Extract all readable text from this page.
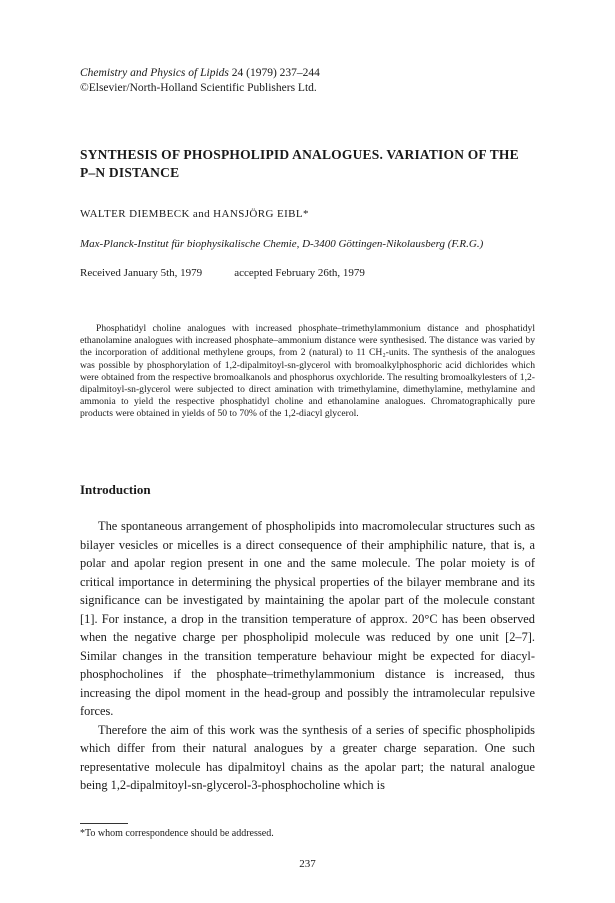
Chemistry and Physics of Lipids 24 (1979) 237–244
©Elsevier/North-Holland Scientific Publishers Ltd.
SYNTHESIS OF PHOSPHOLIPID ANALOGUES. VARIATION OF THE P–N DISTANCE
WALTER DIEMBECK and HANSJÖRG EIBL*
Max-Planck-Institut für biophysikalische Chemie, D-3400 Göttingen-Nikolausberg (F.R.G.)
Received January 5th, 1979	accepted February 26th, 1979

Phosphatidyl choline analogues with increased phosphate–trimethylammonium distance and phosphatidyl ethanolamine analogues with increased phosphate–ammonium distance were synthesised. The distance was varied by the incorporation of additional methylene groups, from 2 (natural) to 11 CH₂-units. The synthesis of the analogues was possible by phosphorylation of 1,2-dipalmitoyl-sn-glycerol with bromoalkylphosphoric acid dichlorides which were obtained from the respective bromoalkanols and phosphorus oxychloride. The resulting bromoalkylesters of 1,2-dipalmitoyl-sn-glycerol were subjected to direct amination with trimethylamine, dimethylamine, methylamine and ammonia to yield the respective phosphatidyl choline and ethanolamine analogues. Chromatographically pure products were obtained in yields of 50 to 70% of the 1,2-diacyl glycerol.

Introduction

The spontaneous arrangement of phospholipids into macromolecular structures such as bilayer vesicles or micelles is a direct consequence of their amphiphilic nature, that is, a polar and apolar region present in one and the same molecule. The polar moiety is of critical importance in determining the physical properties of the bilayer membrane and its significance can be investigated by maintaining the apolar part of the molecule constant [1]. For instance, a drop in the transition temperature of approx. 20°C has been observed when the negative charge per phospholipid molecule was reduced by one unit [2–7]. Similar changes in the transition temperature behaviour might be expected for diacyl-phosphocholines if the phosphate–trimethylammonium distance is increased, thus increasing the dipol moment in the head-group and possibly the intramolecular repulsive forces.

Therefore the aim of this work was the synthesis of a series of specific phospholipids which differ from their natural analogues by a greater charge separation. One such representative molecule has dipalmitoyl chains as the apolar part; the natural analogue being 1,2-dipalmitoyl-sn-glycerol-3-phosphocholine which is

*To whom correspondence should be addressed.
237
